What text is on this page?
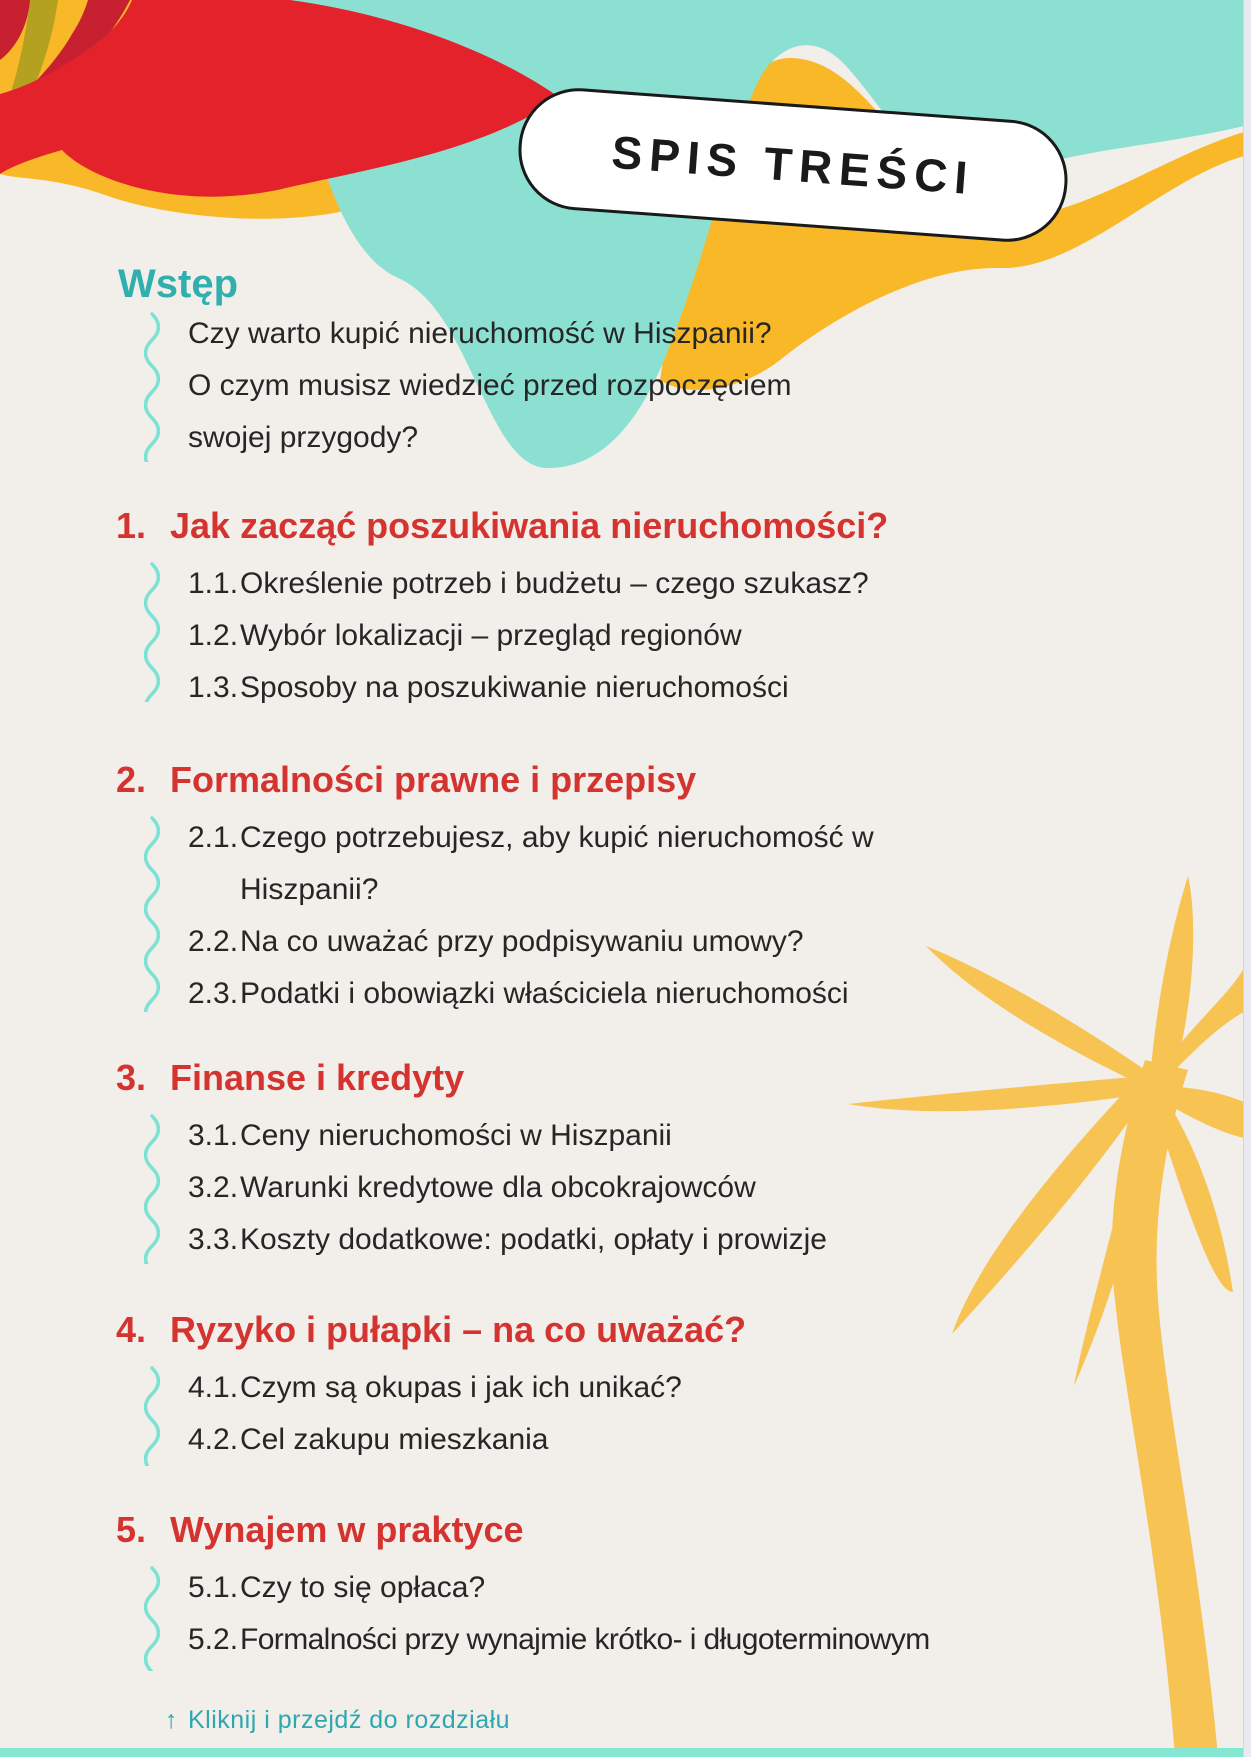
SPIS TREŚCI
Wstęp
Czy warto kupić nieruchomość w Hiszpanii?
O czym musisz wiedzieć przed rozpoczęciem
swojej przygody?
1. Jak zacząć poszukiwania nieruchomości?
1.1. Określenie potrzeb i budżetu – czego szukasz?
1.2. Wybór lokalizacji – przegląd regionów
1.3. Sposoby na poszukiwanie nieruchomości
2. Formalności prawne i przepisy
2.1. Czego potrzebujesz, aby kupić nieruchomość w Hiszpanii?
2.2. Na co uważać przy podpisywaniu umowy?
2.3. Podatki i obowiązki właściciela nieruchomości
3. Finanse i kredyty
3.1. Ceny nieruchomości w Hiszpanii
3.2. Warunki kredytowe dla obcokrajowców
3.3. Koszty dodatkowe: podatki, opłaty i prowizje
4. Ryzyko i pułapki – na co uważać?
4.1. Czym są okupas i jak ich unikać?
4.2. Cel zakupu mieszkania
5. Wynajem w praktyce
5.1. Czy to się opłaca?
5.2. Formalności przy wynajmie krótko- i długoterminowym
↑ Kliknij i przejdź do rozdziału
